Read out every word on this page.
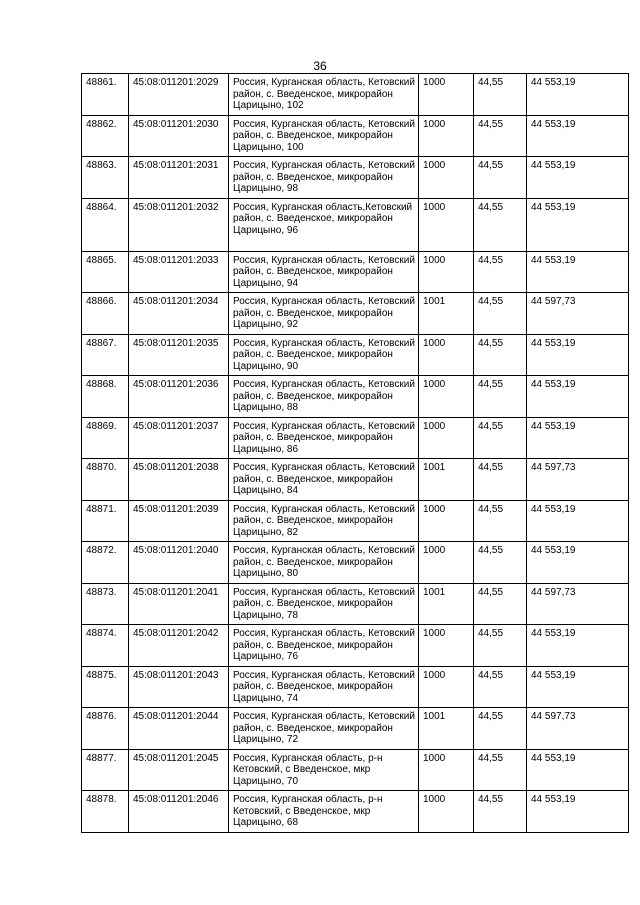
36
48861.	45:08:011201:2029	Россия, Курганская область, Кетовский район, с. Введенское, микрорайон Царицыно, 102	1000	44,55	44 553,19
48862.	45:08:011201:2030	Россия, Курганская область, Кетовский район, с. Введенское, микрорайон Царицыно, 100	1000	44,55	44 553,19
48863.	45:08:011201:2031	Россия, Курганская область, Кетовский район, с. Введенское, микрорайон Царицыно, 98	1000	44,55	44 553,19
48864.	45:08:011201:2032	Россия, Курганская область,Кетовский район, с. Введенское, микрорайон Царицыно, 96	1000	44,55	44 553,19
48865.	45:08:011201:2033	Россия, Курганская область, Кетовский район, с. Введенское, микрорайон Царицыно, 94	1000	44,55	44 553,19
48866.	45:08:011201:2034	Россия, Курганская область, Кетовский район, с. Введенское, микрорайон Царицыно, 92	1001	44,55	44 597,73
48867.	45:08:011201:2035	Россия, Курганская область, Кетовский район, с. Введенское, микрорайон Царицыно, 90	1000	44,55	44 553,19
48868.	45:08:011201:2036	Россия, Курганская область, Кетовский район, с. Введенское, микрорайон Царицыно, 88	1000	44,55	44 553,19
48869.	45:08:011201:2037	Россия, Курганская область, Кетовский район, с. Введенское, микрорайон Царицыно, 86	1000	44,55	44 553,19
48870.	45:08:011201:2038	Россия, Курганская область, Кетовский район, с. Введенское, микрорайон Царицыно, 84	1001	44,55	44 597,73
48871.	45:08:011201:2039	Россия, Курганская область, Кетовский район, с. Введенское, микрорайон Царицыно, 82	1000	44,55	44 553,19
48872.	45:08:011201:2040	Россия, Курганская область, Кетовский район, с. Введенское, микрорайон Царицыно, 80	1000	44,55	44 553,19
48873.	45:08:011201:2041	Россия, Курганская область, Кетовский район, с. Введенское, микрорайон Царицыно, 78	1001	44,55	44 597,73
48874.	45:08:011201:2042	Россия, Курганская область, Кетовский район, с. Введенское, микрорайон Царицыно, 76	1000	44,55	44 553,19
48875.	45:08:011201:2043	Россия, Курганская область, Кетовский район, с. Введенское, микрорайон Царицыно, 74	1000	44,55	44 553,19
48876.	45:08:011201:2044	Россия, Курганская область, Кетовский район, с. Введенское, микрорайон Царицыно, 72	1001	44,55	44 597,73
48877.	45:08:011201:2045	Россия, Курганская область, р-н Кетовский, с Введенское, мкр Царицыно, 70	1000	44,55	44 553,19
48878.	45:08:011201:2046	Россия, Курганская область, р-н Кетовский, с Введенское, мкр Царицыно, 68	1000	44,55	44 553,19
